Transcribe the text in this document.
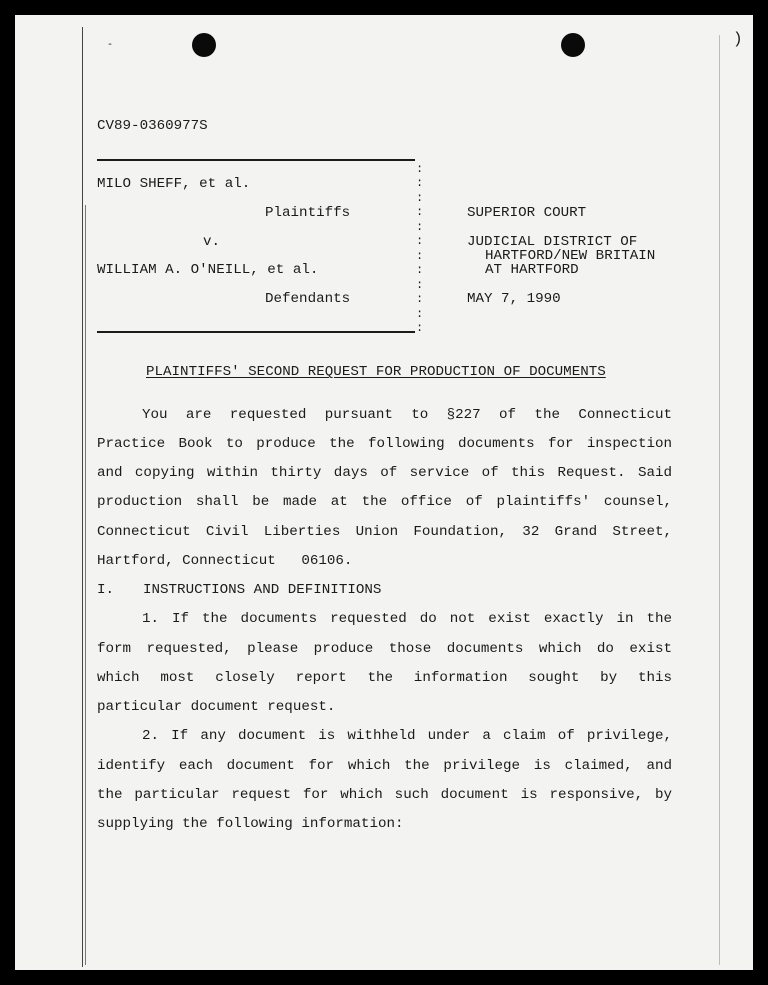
)
-
CV89-0360977S
:
:
:
:
:
:
:
:
:
:
:
:
MILO SHEFF, et al.
Plaintiffs
v.
WILLIAM A. O'NEILL, et al.
Defendants
SUPERIOR COURT
JUDICIAL DISTRICT OF
HARTFORD/NEW BRITAIN
AT HARTFORD
MAY 7, 1990
PLAINTIFFS' SECOND REQUEST FOR PRODUCTION OF DOCUMENTS
You are requested pursuant to §227 of the Connecticut
Practice Book to produce the following documents for inspection
and copying within thirty days of service of this Request. Said
production shall be made at the office of plaintiffs' counsel,
Connecticut Civil Liberties Union Foundation, 32 Grand Street,
Hartford, Connecticut   06106.
I. INSTRUCTIONS AND DEFINITIONS
1. If the documents requested do not exist exactly in the
form requested, please produce those documents which do exist
which most closely report the information sought by this
particular document request.
2. If any document is withheld under a claim of privilege,
identify each document for which the privilege is claimed, and
the particular request for which such document is responsive, by
supplying the following information:
